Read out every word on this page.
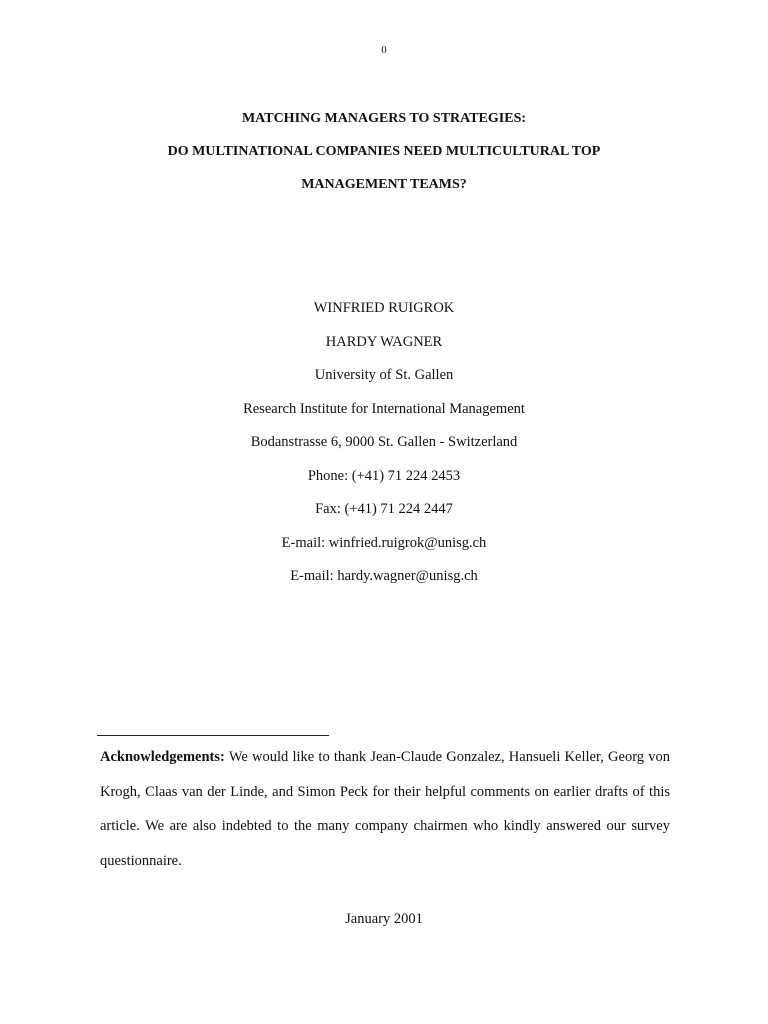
0
MATCHING MANAGERS TO STRATEGIES:
DO MULTINATIONAL COMPANIES NEED MULTICULTURAL TOP
MANAGEMENT TEAMS?
WINFRIED RUIGROK
HARDY WAGNER
University of St. Gallen
Research Institute for International Management
Bodanstrasse 6, 9000 St. Gallen - Switzerland
Phone: (+41) 71 224 2453
Fax: (+41) 71 224 2447
E-mail: winfried.ruigrok@unisg.ch
E-mail: hardy.wagner@unisg.ch
Acknowledgements: We would like to thank Jean-Claude Gonzalez, Hansueli Keller, Georg von Krogh, Claas van der Linde, and Simon Peck for their helpful comments on earlier drafts of this article. We are also indebted to the many company chairmen who kindly answered our survey questionnaire.
January 2001
